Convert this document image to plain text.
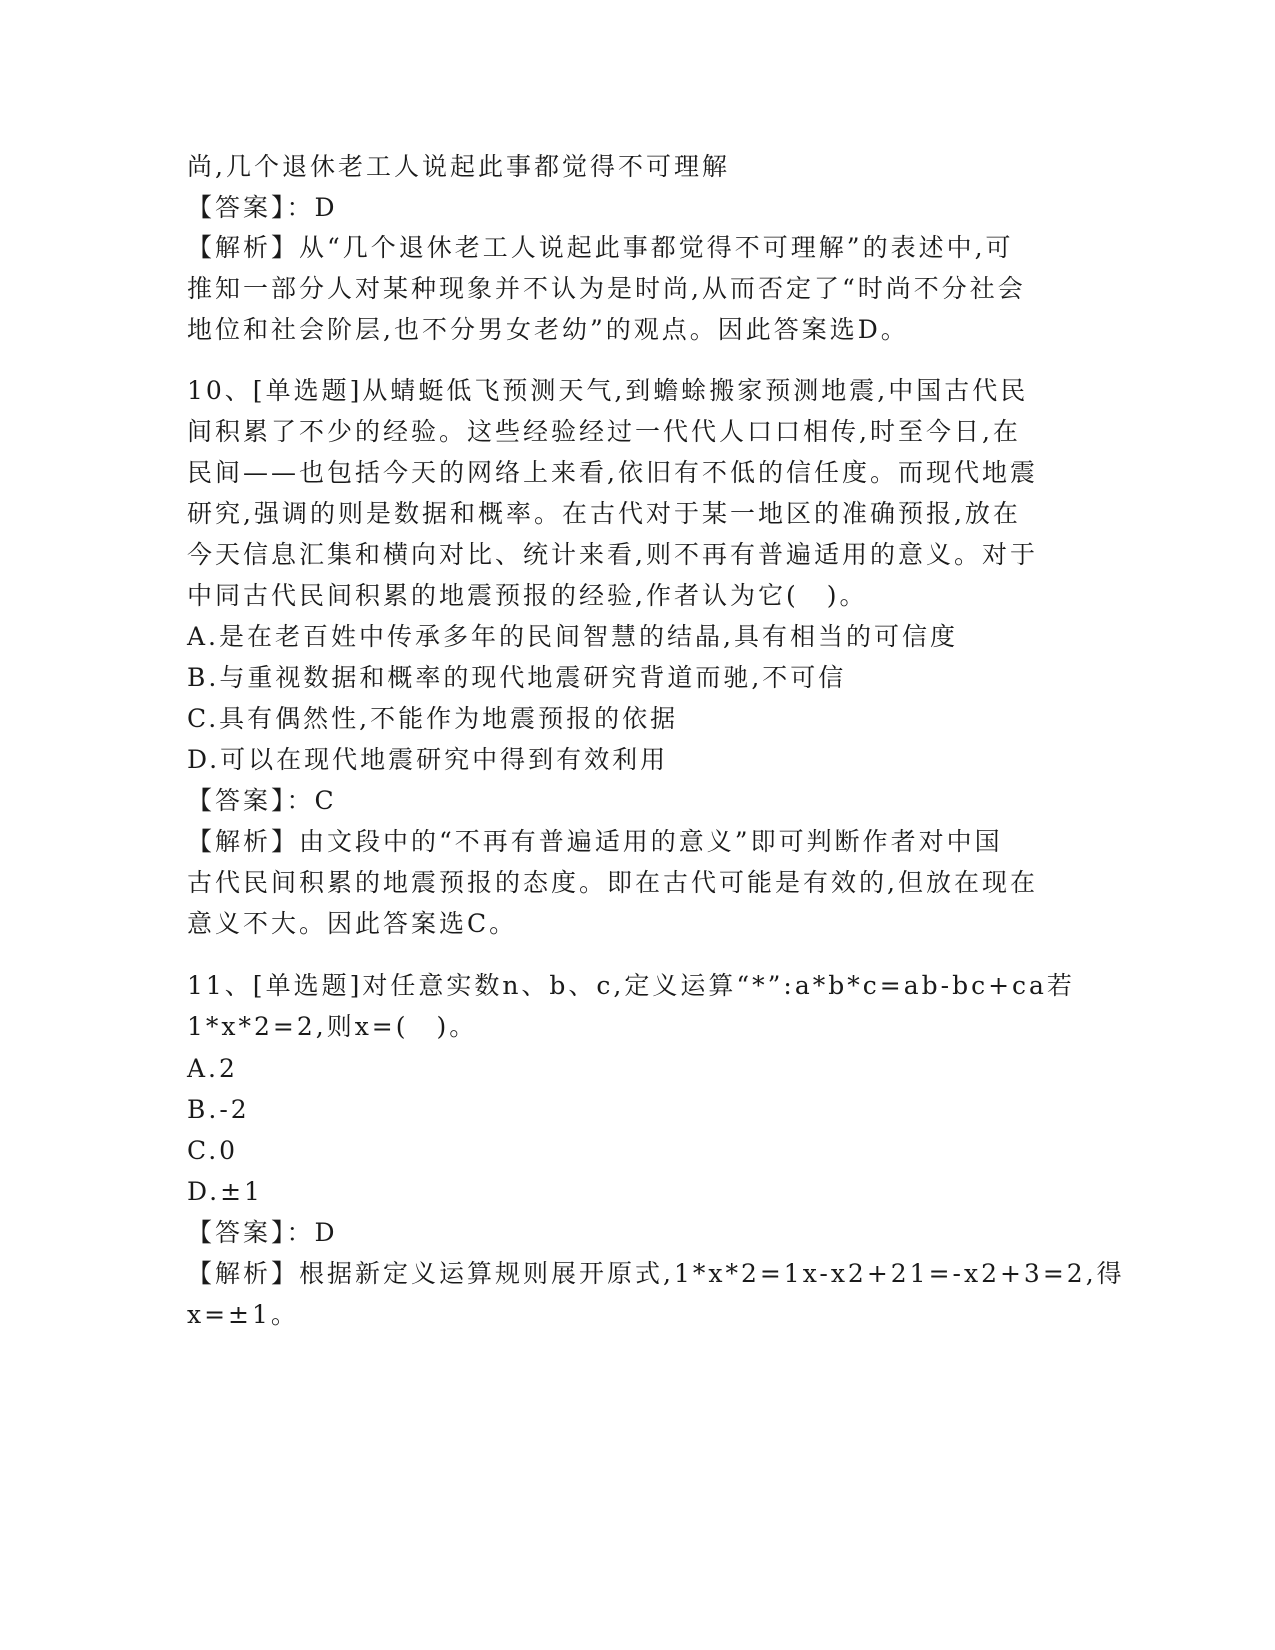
尚,几个退休老工人说起此事都觉得不可理解
【答案】：D
【解析】从“几个退休老工人说起此事都觉得不可理解”的表述中,可
推知一部分人对某种现象并不认为是时尚,从而否定了“时尚不分社会
地位和社会阶层,也不分男女老幼”的观点。因此答案选D。
10、[单选题]从蜻蜓低飞预测天气,到蟾蜍搬家预测地震,中国古代民
间积累了不少的经验。这些经验经过一代代人口口相传,时至今日,在
民间——也包括今天的网络上来看,依旧有不低的信任度。而现代地震
研究,强调的则是数据和概率。在古代对于某一地区的准确预报,放在
今天信息汇集和横向对比、统计来看,则不再有普遍适用的意义。对于
中同古代民间积累的地震预报的经验,作者认为它(　)。
A.是在老百姓中传承多年的民间智慧的结晶,具有相当的可信度
B.与重视数据和概率的现代地震研究背道而驰,不可信
C.具有偶然性,不能作为地震预报的依据
D.可以在现代地震研究中得到有效利用
【答案】：C
【解析】由文段中的“不再有普遍适用的意义”即可判断作者对中国
古代民间积累的地震预报的态度。即在古代可能是有效的,但放在现在
意义不大。因此答案选C。
11、[单选题]对任意实数n、b、c,定义运算“*”:a*b*c=ab-bc+ca若
1*x*2=2,则x=(　)。
A.2
B.-2
C.0
D.±1
【答案】：D
【解析】根据新定义运算规则展开原式,1*x*2=1x-x2+21=-x2+3=2,得
x=±1。
